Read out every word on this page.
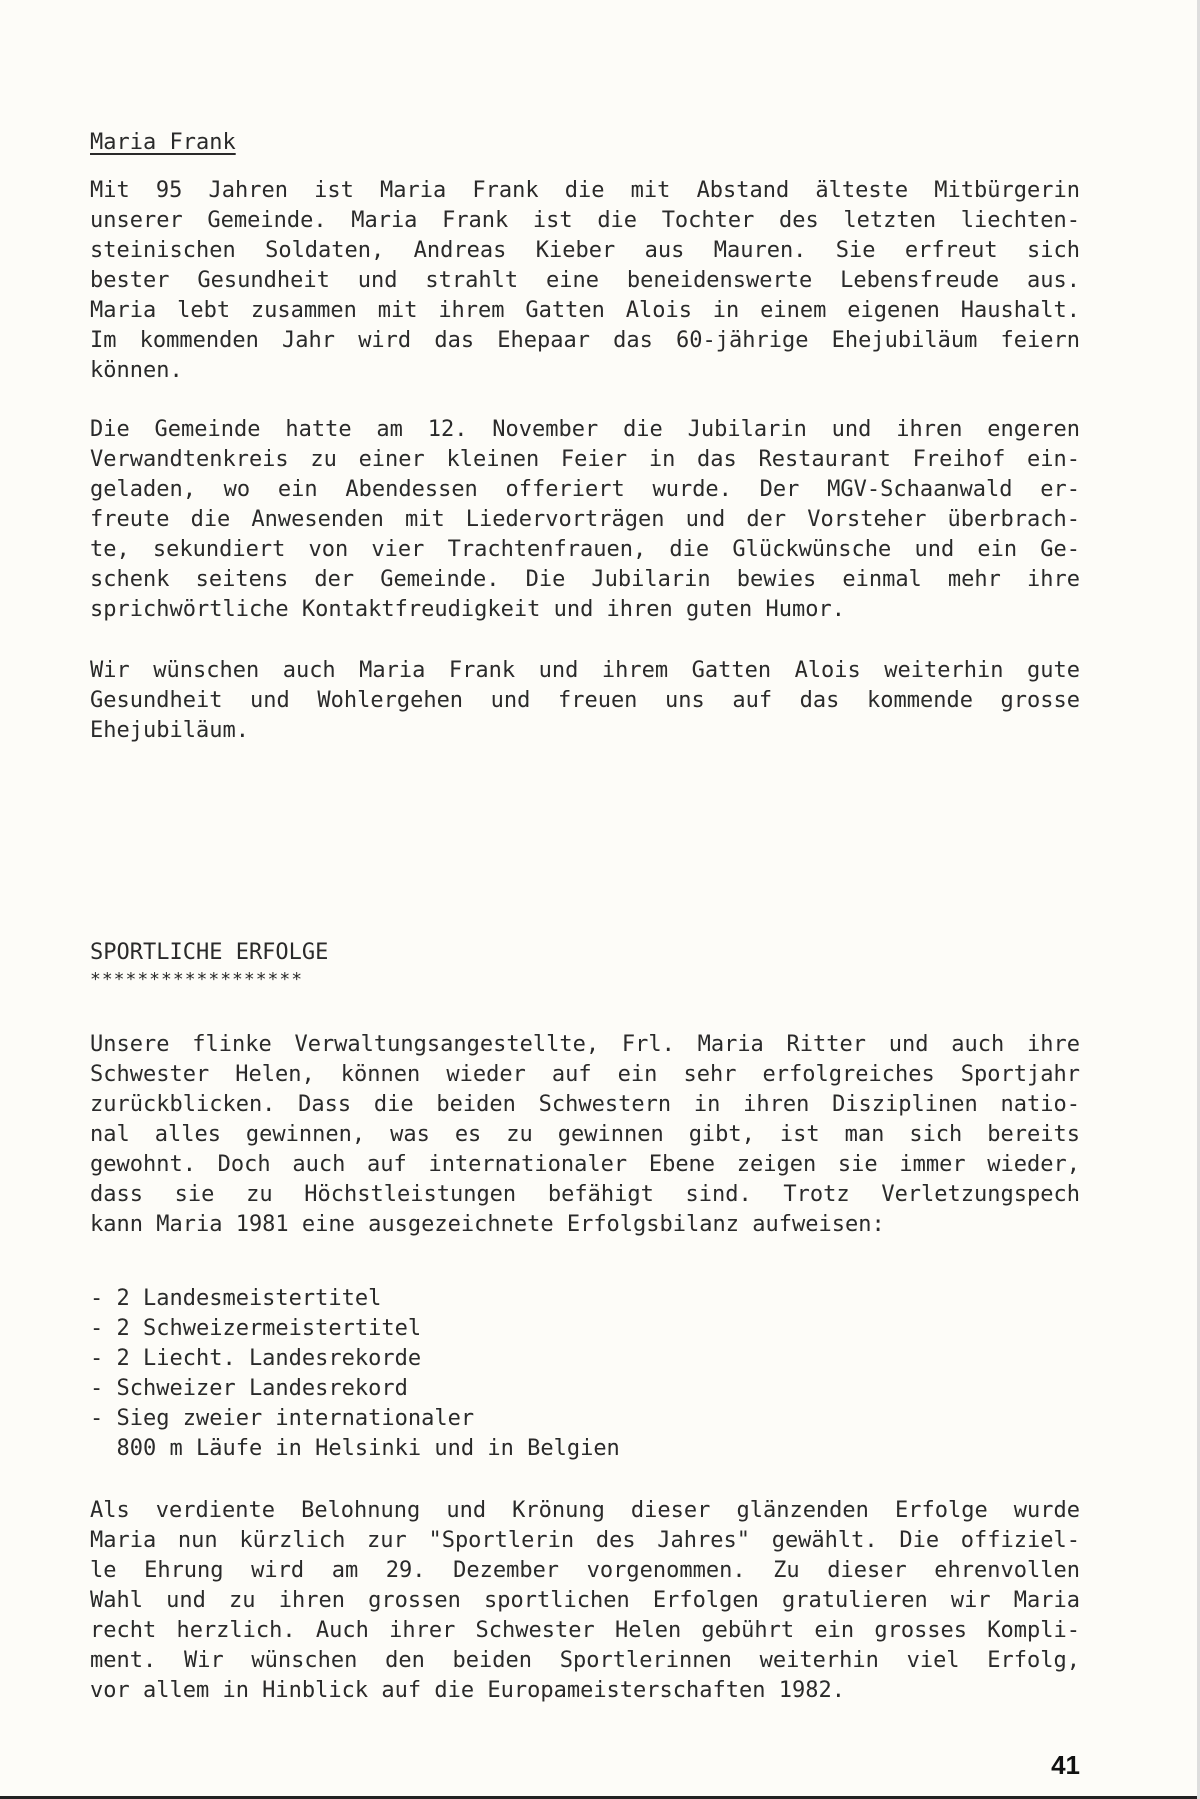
Maria Frank
Mit 95 Jahren ist Maria Frank die mit Abstand älteste Mitbürgerin
unserer Gemeinde. Maria Frank ist die Tochter des letzten liechten-
steinischen Soldaten, Andreas Kieber aus Mauren. Sie erfreut sich
bester Gesundheit und strahlt eine beneidenswerte Lebensfreude aus.
Maria lebt zusammen mit ihrem Gatten Alois in einem eigenen Haushalt.
Im kommenden Jahr wird das Ehepaar das 60-jährige Ehejubiläum feiern
können.
Die Gemeinde hatte am 12. November die Jubilarin und ihren engeren
Verwandtenkreis zu einer kleinen Feier in das Restaurant Freihof ein-
geladen, wo ein Abendessen offeriert wurde. Der MGV-Schaanwald er-
freute die Anwesenden mit Liedervorträgen und der Vorsteher überbrach-
te, sekundiert von vier Trachtenfrauen, die Glückwünsche und ein Ge-
schenk seitens der Gemeinde. Die Jubilarin bewies einmal mehr ihre
sprichwörtliche Kontaktfreudigkeit und ihren guten Humor.
Wir wünschen auch Maria Frank und ihrem Gatten Alois weiterhin gute
Gesundheit und Wohlergehen und freuen uns auf das kommende grosse
Ehejubiläum.
SPORTLICHE ERFOLGE
******************
Unsere flinke Verwaltungsangestellte, Frl. Maria Ritter und auch ihre
Schwester Helen, können wieder auf ein sehr erfolgreiches Sportjahr
zurückblicken. Dass die beiden Schwestern in ihren Disziplinen natio-
nal alles gewinnen, was es zu gewinnen gibt, ist man sich bereits
gewohnt. Doch auch auf internationaler Ebene zeigen sie immer wieder,
dass sie zu Höchstleistungen befähigt sind. Trotz Verletzungspech
kann Maria 1981 eine ausgezeichnete Erfolgsbilanz aufweisen:
- 2 Landesmeistertitel
- 2 Schweizermeistertitel
- 2 Liecht. Landesrekorde
- Schweizer Landesrekord
- Sieg zweier internationaler
800 m Läufe in Helsinki und in Belgien
Als verdiente Belohnung und Krönung dieser glänzenden Erfolge wurde
Maria nun kürzlich zur "Sportlerin des Jahres" gewählt. Die offiziel-
le Ehrung wird am 29. Dezember vorgenommen. Zu dieser ehrenvollen
Wahl und zu ihren grossen sportlichen Erfolgen gratulieren wir Maria
recht herzlich. Auch ihrer Schwester Helen gebührt ein grosses Kompli-
ment. Wir wünschen den beiden Sportlerinnen weiterhin viel Erfolg,
vor allem in Hinblick auf die Europameisterschaften 1982.
41
